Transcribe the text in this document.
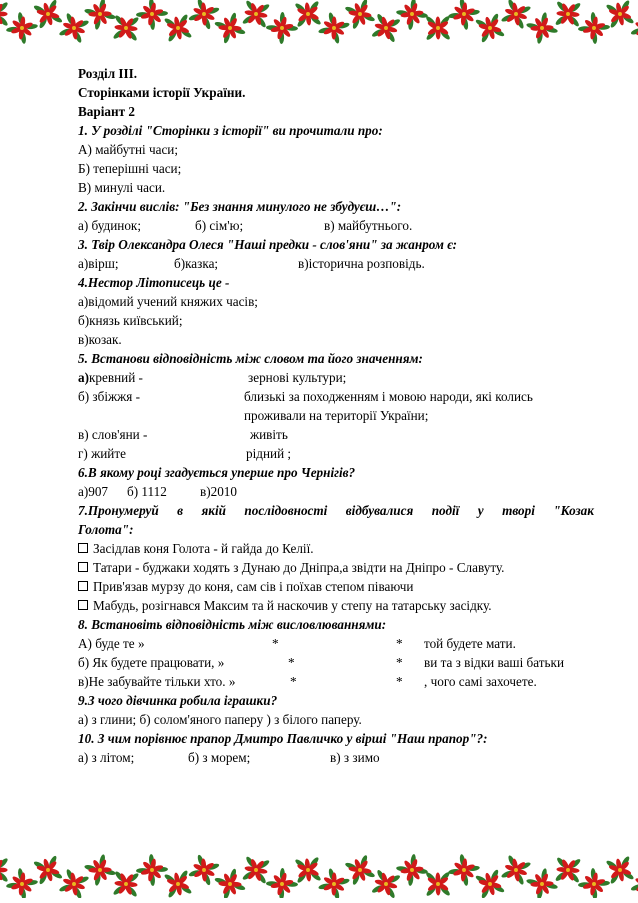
Розділ ІІІ.
Сторінками історії України.
Варіант 2
1. У розділі "Сторінки з історії" ви прочитали про:
А) майбутні часи;
Б) теперішні часи;
В) минулі часи.
2. Закінчи вислів: "Без знання минулого не збудуєш…":
а) будинок;	б) сім'ю;	в) майбутнього.
3. Твір Олександра Олеся "Наші предки - слов'яни" за жанром є:
а)вірш;	б)казка;	в)історична розповідь.
4.Нестор Літописець це -
а)відомий учений княжих часів;
б)князь київський;
в)козак.
5. Встанови відповідність між словом та його значенням:
а)кревний -	зернові культури;
б) збіжжя -	близькі за походженням і мовою народи, які колись
проживали на території України;
в) слов'яни -	живіть
г) жийте	рідний ;
6.В якому році згадується уперше про Чернігів?
а)907 б) 1112	в)2010
7.Пронумеруй в якій послідовності відбувалися події у творі "Козак
Голота":
Засідлав коня Голота - й гайда до Келії.
Татари - буджаки ходять з Дунаю до Дніпра,а звідти на Дніпро - Славуту.
Прив'язав мурзу до коня, сам сів і поїхав степом піваючи
Мабудь, розігнався Максим та й наскочив у степу на татарську засідку.
8. Встановіть відповідність між висловлюваннями:
А) буде те »	*	* той будете мати.
б) Як будете працювати, »	*	* ви та з відки ваші батьки
в)Не забувайте тільки хто. »	*	* , чого самі захочете.
9.З чого дівчинка робила іграшки?
а) з глини; б) солом'яного паперу ) з білого паперу.
10. З чим порівнює прапор Дмитро Павличко у вірші "Наш прапор"?:
а) з літом;	б) з морем;	в) з зимо
